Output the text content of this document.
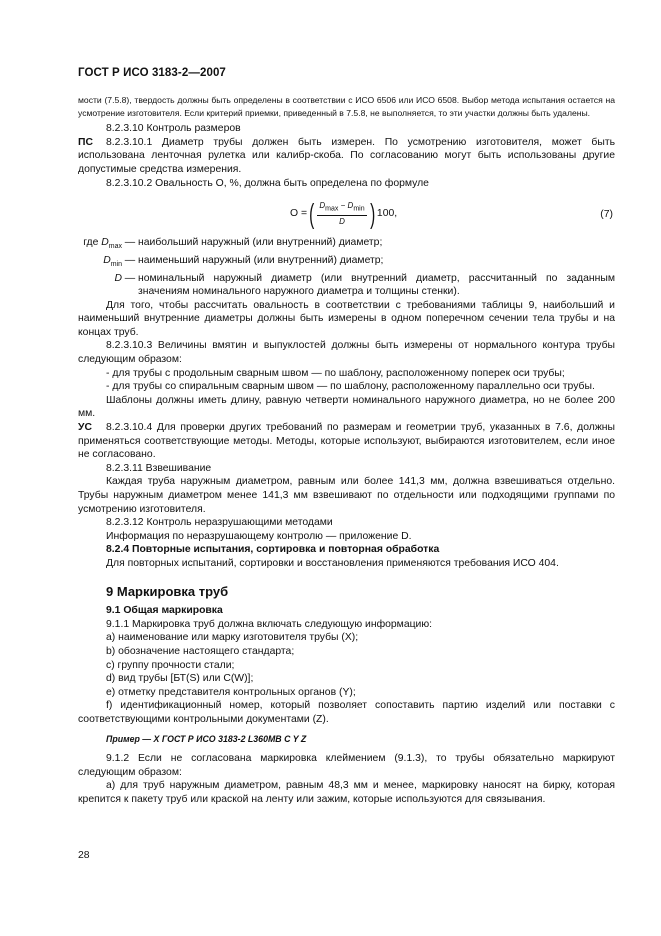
ГОСТ Р ИСО 3183-2—2007

мости (7.5.8), твердость должны быть определены в соответствии с ИСО 6506 или ИСО 6508. Выбор метода испытания остается на усмотрение изготовителя. Если критерий приемки, приведенный в 7.5.8, не выполняется, то эти участки должны быть удалены.

8.2.3.10 Контроль размеров

ПС 8.2.3.10.1 Диаметр трубы должен быть измерен. По усмотрению изготовителя, может быть использована ленточная рулетка или калибр-скоба. По согласованию могут быть использованы другие допустимые средства измерения.

8.2.3.10.2 Овальность O, %, должна быть определена по формуле

O = ( $\frac{D_{max} - D_{min}}{D}$ ) 100,	(7)
где $D_{max}$ — наибольший наружный (или внутренний) диаметр;
$D_{min}$ — наименьший наружный (или внутренний) диаметр;
D — номинальный наружный диаметр (или внутренний диаметр, рассчитанный по заданным значениям номинального наружного диаметра и толщины стенки).

Для того, чтобы рассчитать овальность в соответствии с требованиями таблицы 9, наибольший и наименьший внутренние диаметры должны быть измерены в одном поперечном сечении тела трубы и на концах труб.

8.2.3.10.3 Величины вмятин и выпуклостей должны быть измерены от нормального контура трубы следующим образом:

- для трубы с продольным сварным швом — по шаблону, расположенному поперек оси трубы;

- для трубы со спиральным сварным швом — по шаблону, расположенному параллельно оси трубы.

Шаблоны должны иметь длину, равную четверти номинального наружного диаметра, но не более 200 мм.

УС 8.2.3.10.4 Для проверки других требований по размерам и геометрии труб, указанных в 7.6, должны применяться соответствующие методы. Методы, которые используют, выбираются изготовителем, если иное не согласовано.

8.2.3.11 Взвешивание

Каждая труба наружным диаметром, равным или более 141,3 мм, должна взвешиваться отдельно. Трубы наружным диаметром менее 141,3 мм взвешивают по отдельности или подходящими группами по усмотрению изготовителя.

8.2.3.12 Контроль неразрушающими методами

Информация по неразрушающему контролю — приложение D.

8.2.4 Повторные испытания, сортировка и повторная обработка

Для повторных испытаний, сортировки и восстановления применяются требования ИСО 404.

9 Маркировка труб

9.1 Общая маркировка

9.1.1 Маркировка труб должна включать следующую информацию:

а) наименование или марку изготовителя трубы (X);

b) обозначение настоящего стандарта;

c) группу прочности стали;

d) вид трубы [БТ(S) или C(W)];

e) отметку представителя контрольных органов (Y);

f) идентификационный номер, который позволяет сопоставить партию изделий или поставки с соответствующими контрольными документами (Z).

Пример — X ГОСТ Р ИСО 3183-2 L360MB C Y Z

9.1.2 Если не согласована маркировка клеймением (9.1.3), то трубы обязательно маркируют следующим образом:

а) для труб наружным диаметром, равным 48,3 мм и менее, маркировку наносят на бирку, которая крепится к пакету труб или краской на ленту или зажим, которые используются для связывания.

28
